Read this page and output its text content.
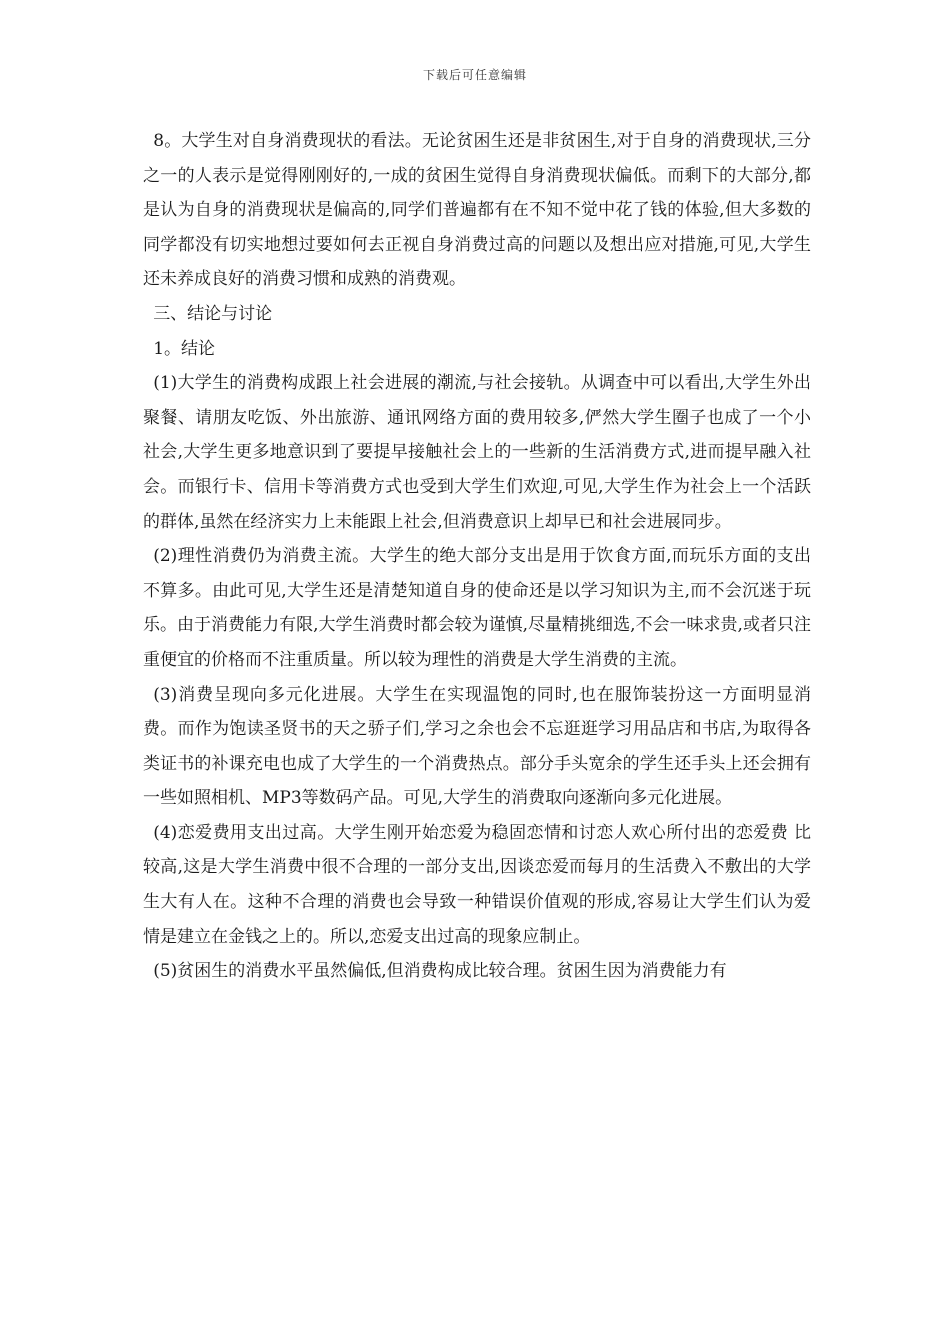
下载后可任意编辑

8。大学生对自身消费现状的看法。无论贫困生还是非贫困生,对于自身的消费现状,三分之一的人表示是觉得刚刚好的,一成的贫困生觉得自身消费现状偏低。而剩下的大部分,都是认为自身的消费现状是偏高的,同学们普遍都有在不知不觉中花了钱的体验,但大多数的同学都没有切实地想过要如何去正视自身消费过高的问题以及想出应对措施,可见,大学生还未养成良好的消费习惯和成熟的消费观。

三、结论与讨论

1。结论

(1)大学生的消费构成跟上社会进展的潮流,与社会接轨。从调查中可以看出,大学生外出聚餐、请朋友吃饭、外出旅游、通讯网络方面的费用较多,俨然大学生圈子也成了一个小社会,大学生更多地意识到了要提早接触社会上的一些新的生活消费方式,进而提早融入社会。而银行卡、信用卡等消费方式也受到大学生们欢迎,可见,大学生作为社会上一个活跃的群体,虽然在经济实力上未能跟上社会,但消费意识上却早已和社会进展同步。

(2)理性消费仍为消费主流。大学生的绝大部分支出是用于饮食方面,而玩乐方面的支出不算多。由此可见,大学生还是清楚知道自身的使命还是以学习知识为主,而不会沉迷于玩乐。由于消费能力有限,大学生消费时都会较为谨慎,尽量精挑细选,不会一味求贵,或者只注重便宜的价格而不注重质量。所以较为理性的消费是大学生消费的主流。

(3)消费呈现向多元化进展。大学生在实现温饱的同时,也在服饰装扮这一方面明显消费。而作为饱读圣贤书的天之骄子们,学习之余也会不忘逛逛学习用品店和书店,为取得各类证书的补课充电也成了大学生的一个消费热点。部分手头宽余的学生还手头上还会拥有一些如照相机、MP3等数码产品。可见,大学生的消费取向逐渐向多元化进展。

(4)恋爱费用支出过高。大学生刚开始恋爱为稳固恋情和讨恋人欢心所付出的恋爱费 比较高,这是大学生消费中很不合理的一部分支出,因谈恋爱而每月的生活费入不敷出的大学生大有人在。这种不合理的消费也会导致一种错误价值观的形成,容易让大学生们认为爱情是建立在金钱之上的。所以,恋爱支出过高的现象应制止。

(5)贫困生的消费水平虽然偏低,但消费构成比较合理。贫困生因为消费能力有
